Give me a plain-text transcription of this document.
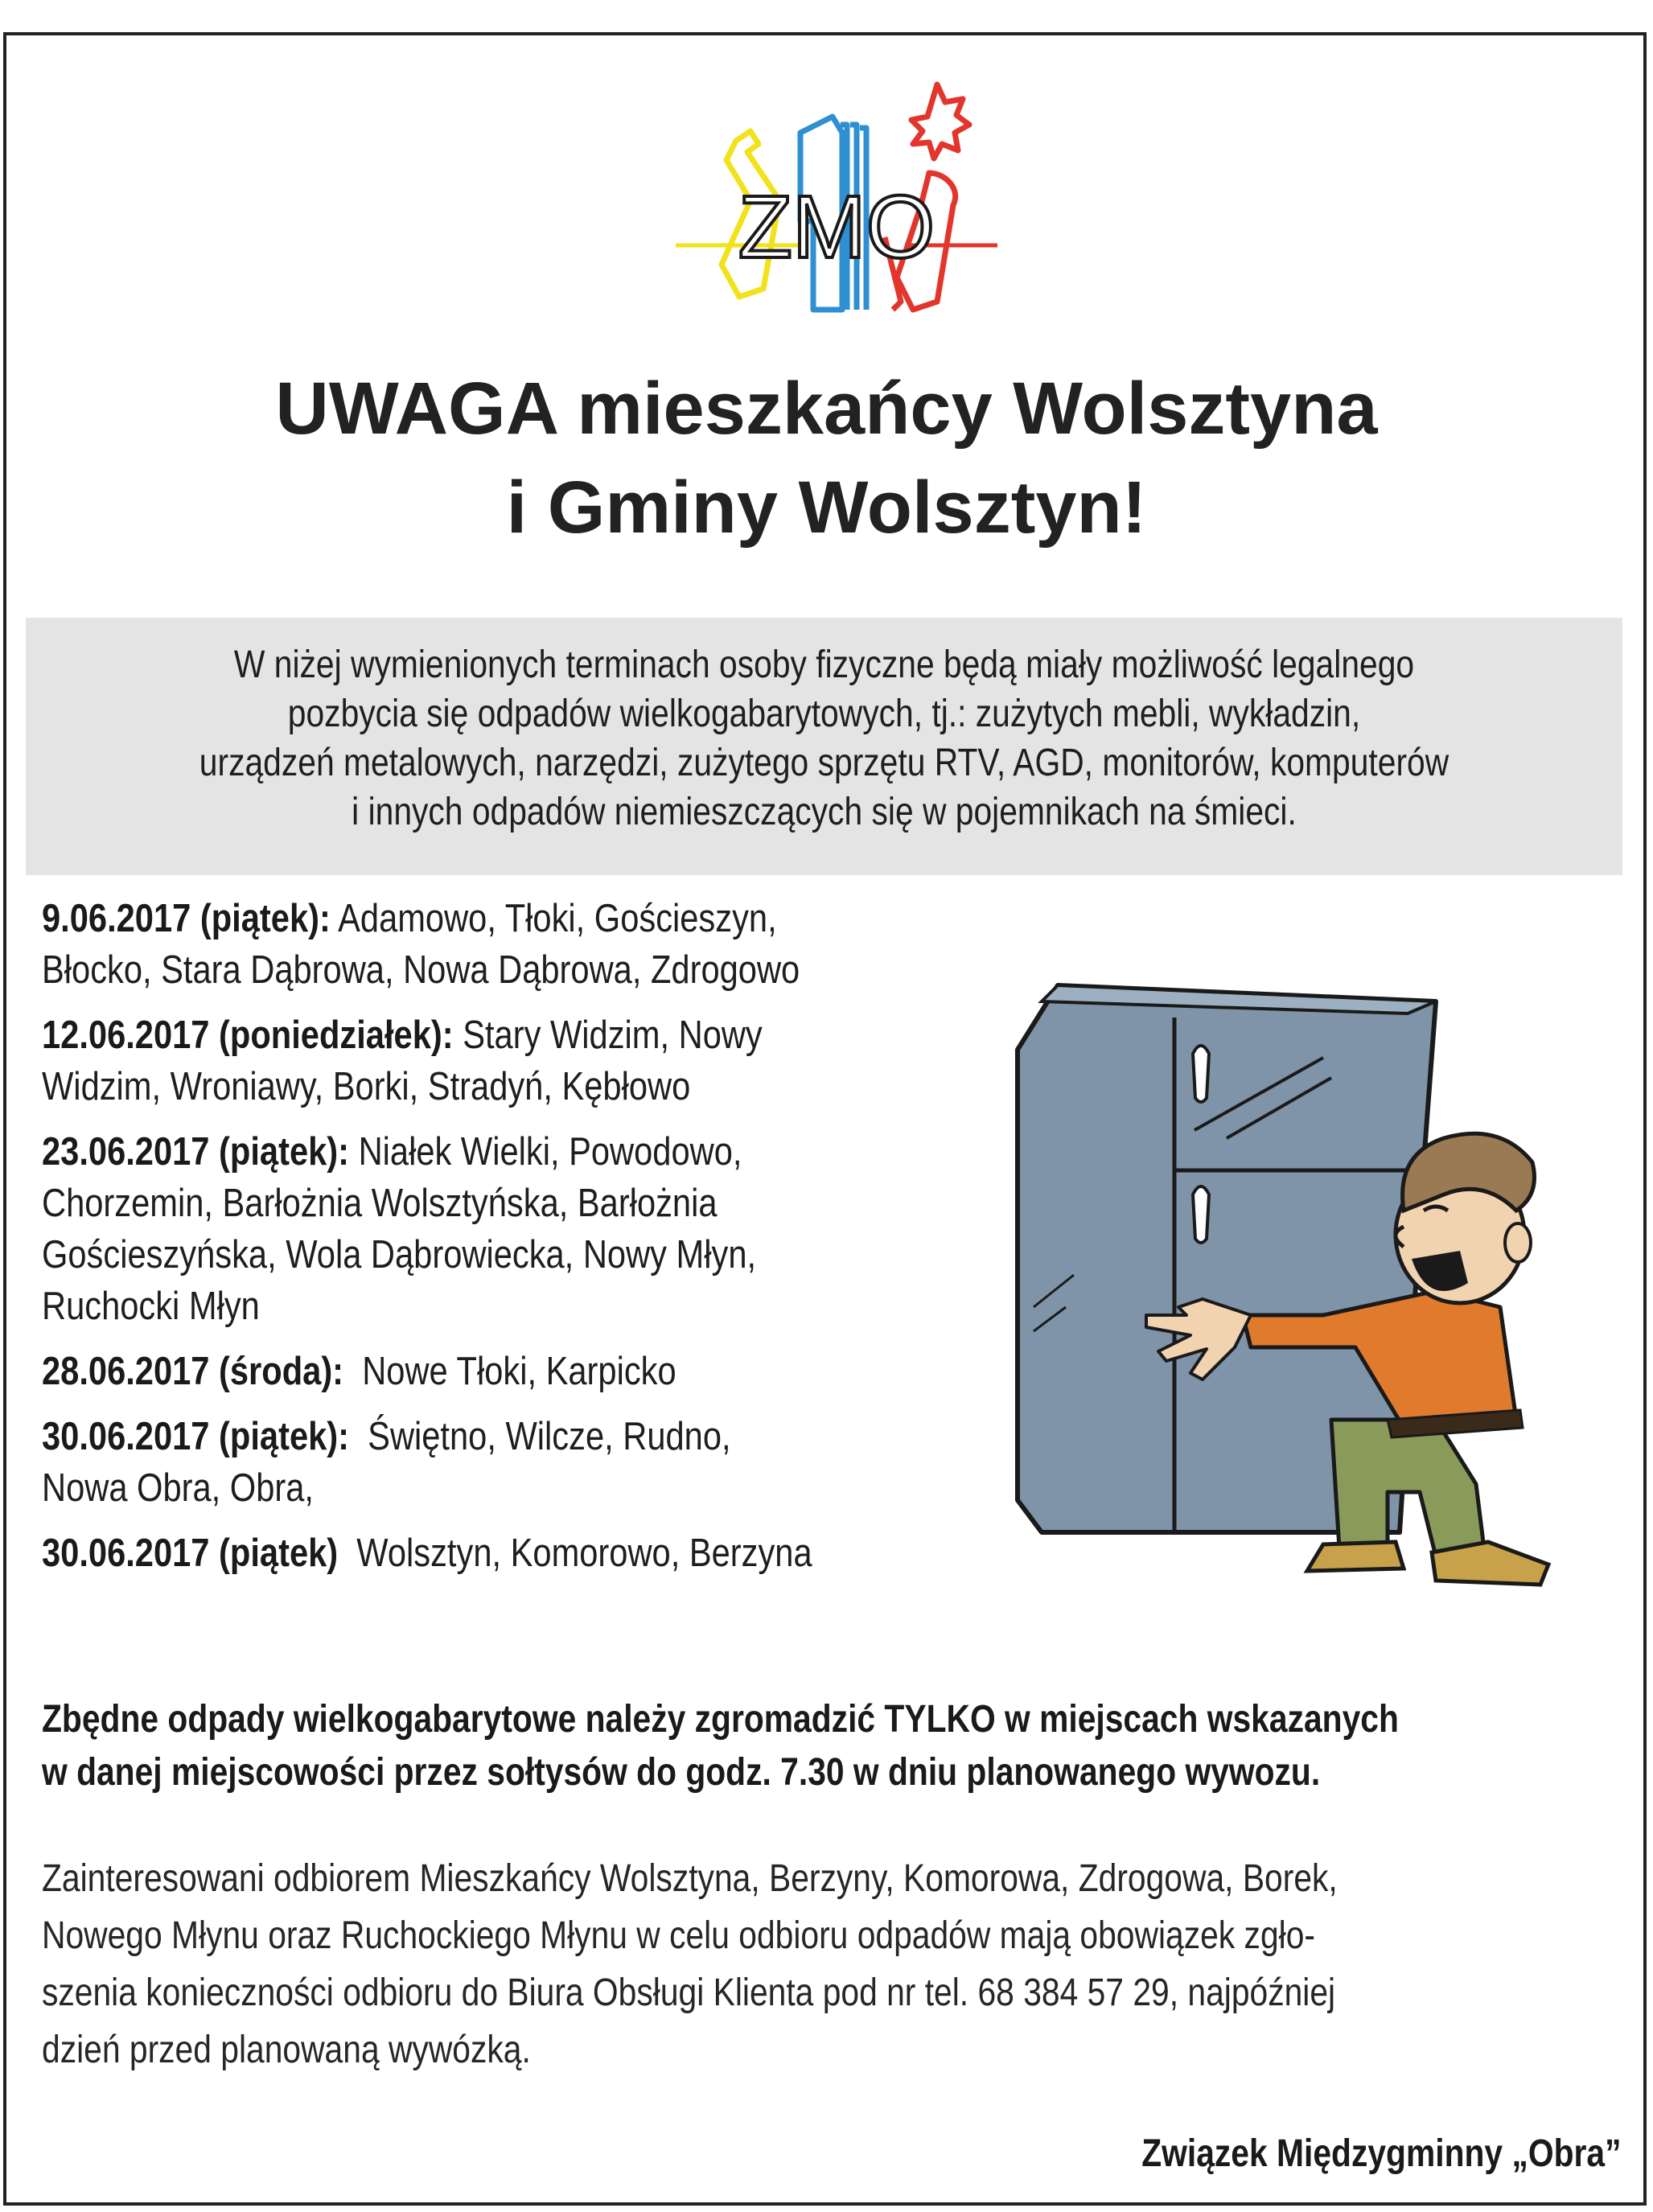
ZMO
UWAGA mieszkańcy Wolsztyna
i Gminy Wolsztyn!
W niżej wymienionych terminach osoby fizyczne będą miały możliwość legalnego
pozbycia się odpadów wielkogabarytowych, tj.: zużytych mebli, wykładzin,
urządzeń metalowych, narzędzi, zużytego sprzętu RTV, AGD, monitorów, komputerów
i innych odpadów niemieszczących się w pojemnikach na śmieci.
9.06.2017 (piątek): Adamowo, Tłoki, Gościeszyn,
Błocko, Stara Dąbrowa, Nowa Dąbrowa, Zdrogowo
12.06.2017 (poniedziałek): Stary Widzim, Nowy
Widzim, Wroniawy, Borki, Stradyń, Kębłowo
23.06.2017 (piątek): Niałek Wielki, Powodowo,
Chorzemin, Barłożnia Wolsztyńska, Barłożnia
Gościeszyńska, Wola Dąbrowiecka, Nowy Młyn,
Ruchocki Młyn
28.06.2017 (środa): Nowe Tłoki, Karpicko
30.06.2017 (piątek): Świętno, Wilcze, Rudno,
Nowa Obra, Obra,
30.06.2017 (piątek) Wolsztyn, Komorowo, Berzyna
Zbędne odpady wielkogabarytowe należy zgromadzić TYLKO w miejscach wskazanych
w danej miejscowości przez sołtysów do godz. 7.30 w dniu planowanego wywozu.
Zainteresowani odbiorem Mieszkańcy Wolsztyna, Berzyny, Komorowa, Zdrogowa, Borek,
Nowego Młynu oraz Ruchockiego Młynu w celu odbioru odpadów mają obowiązek zgło-
szenia konieczności odbioru do Biura Obsługi Klienta pod nr tel. 68 384 57 29, najpóźniej
dzień przed planowaną wywózką.
Związek Międzygminny „Obra”
